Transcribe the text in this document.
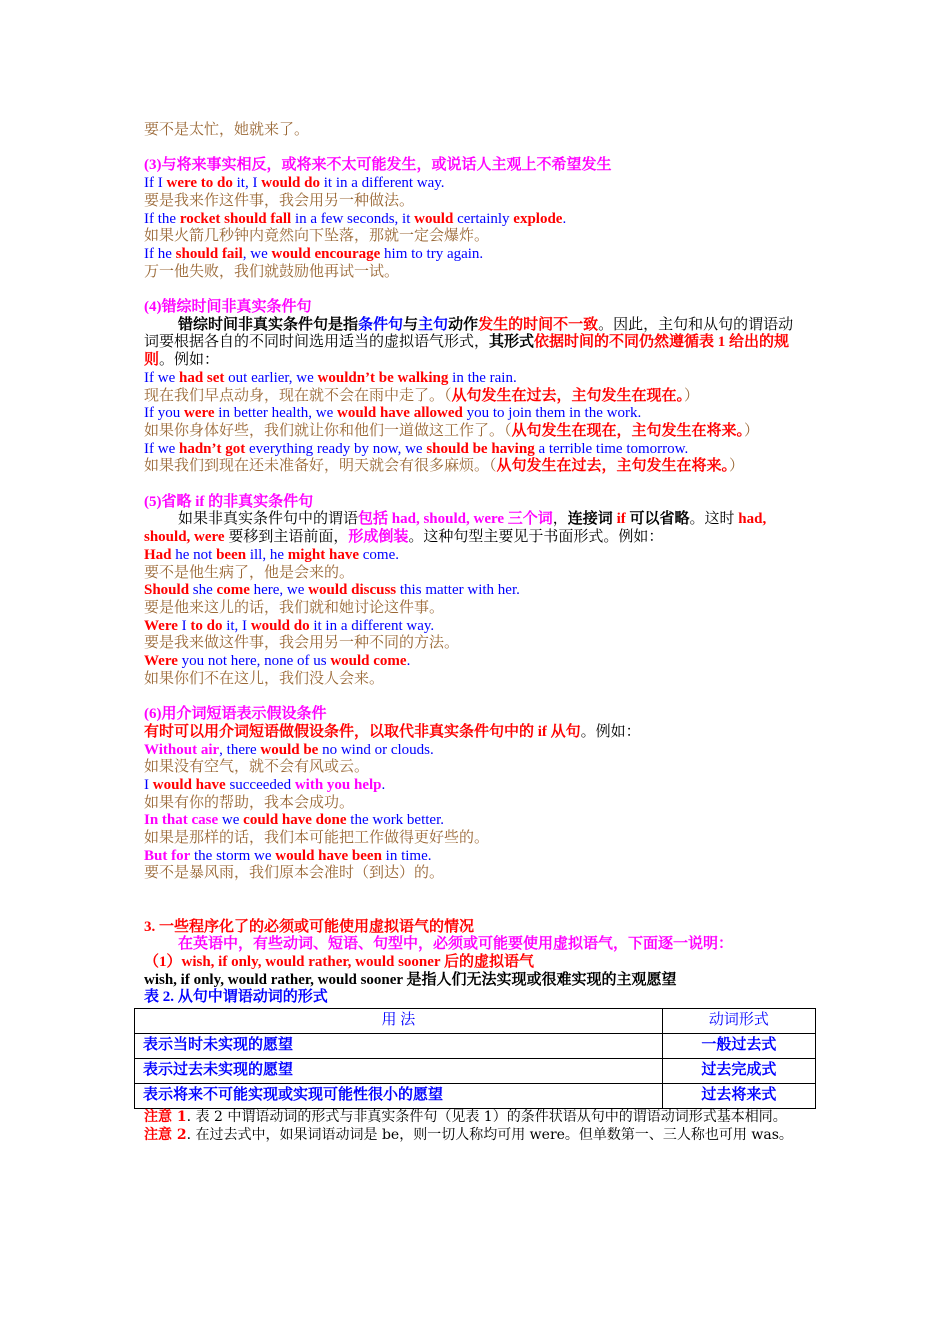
要不是太忙，她就来了。

(3)与将来事实相反，或将来不太可能发生，或说话人主观上不希望发生

If I were to do it, I would do it in a different way.

要是我来作这件事，我会用另一种做法。

If the rocket should fall in a few seconds, it would certainly explode.

如果火箭几秒钟内竟然向下坠落，那就一定会爆炸。

If he should fail, we would encourage him to try again.

万一他失败，我们就鼓励他再试一试。

(4)错综时间非真实条件句

错综时间非真实条件句是指条件句与主句动作发生的时间不一致。因此，主句和从句的谓语动词要根据各自的不同时间选用适当的虚拟语气形式，其形式依据时间的不同仍然遵循表 1 给出的规则。例如：

If we had set out earlier, we wouldn’t be walking in the rain.

现在我们早点动身，现在就不会在雨中走了。（从句发生在过去，主句发生在现在。）

If you were in better health, we would have allowed you to join them in the work.

如果你身体好些，我们就让你和他们一道做这工作了。（从句发生在现在，主句发生在将来。）

If we hadn’t got everything ready by now, we should be having a terrible time tomorrow.

如果我们到现在还未准备好，明天就会有很多麻烦。（从句发生在过去，主句发生在将来。）

(5)省略 if 的非真实条件句

如果非真实条件句中的谓语包括 had, should, were 三个词，连接词 if 可以省略。这时 had, should, were 要移到主语前面，形成倒装。这种句型主要见于书面形式。例如：

Had he not been ill, he might have come.

要不是他生病了，他是会来的。

Should she come here, we would discuss this matter with her.

要是他来这儿的话，我们就和她讨论这件事。

Were I to do it, I would do it in a different way.

要是我来做这件事，我会用另一种不同的方法。

Were you not here, none of us would come.

如果你们不在这儿，我们没人会来。

(6)用介词短语表示假设条件

有时可以用介词短语做假设条件，以取代非真实条件句中的 if 从句。例如：

Without air, there would be no wind or clouds.

如果没有空气，就不会有风或云。

I would have succeeded with you help.

如果有你的帮助，我本会成功。

In that case we could have done the work better.

如果是那样的话，我们本可能把工作做得更好些的。

But for the storm we would have been in time.

要不是暴风雨，我们原本会准时（到达）的。

3. 一些程序化了的必须或可能使用虚拟语气的情况

在英语中，有些动词、短语、句型中，必须或可能要使用虚拟语气，下面逐一说明：

（1）wish, if only, would rather, would sooner 后的虚拟语气

wish, if only, would rather, would sooner 是指人们无法实现或很难实现的主观愿望

表 2. 从句中谓语动词的形式

用 法	动词形式
表示当时未实现的愿望	一般过去式
表示过去未实现的愿望	过去完成式
表示将来不可能实现或实现可能性很小的愿望	过去将来式

注意 1. 表 2 中谓语动词的形式与非真实条件句（见表 1）的条件状语从句中的谓语动词形式基本相同。

注意 2. 在过去式中，如果词语动词是 be，则一切人称均可用 were。但单数第一、三人称也可用 was。
